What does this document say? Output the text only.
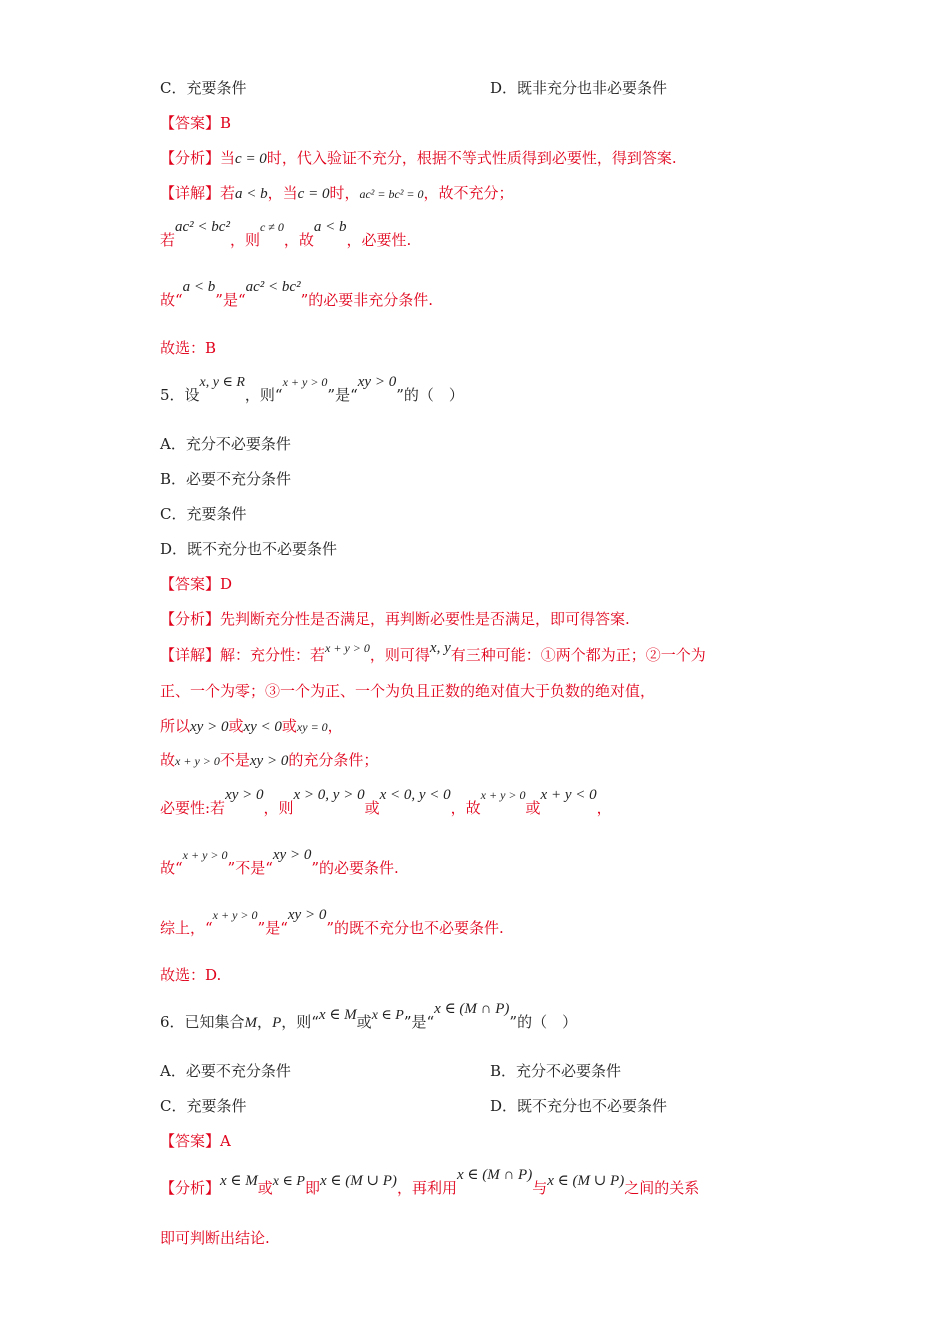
C．充要条件	D．既非充分也非必要条件
【答案】B
【分析】当c = 0时，代入验证不充分，根据不等式性质得到必要性，得到答案.
【详解】若a < b，当c = 0时，ac² = bc² = 0，故不充分；
若ac² < bc²，则$^{c \ne 0}$，故a < b，必要性.
故“a < b”是“ac² < bc²”的必要非充分条件.
故选：B
5．设x, y ∈ R，则“$^{x + y > 0}$”是“xy > 0”的（　）
A．充分不必要条件
B．必要不充分条件
C．充要条件
D．既不充分也不必要条件
【答案】D
【分析】先判断充分性是否满足，再判断必要性是否满足，即可得答案.
【详解】解：充分性：若$^{x + y > 0}$，则可得x, y有三种可能：①两个都为正；②一个为
正、一个为零；③一个为正、一个为负且正数的绝对值大于负数的绝对值，
所以xy > 0或xy < 0或xy = 0，
故x + y > 0不是xy > 0的充分条件；
必要性:若xy > 0，则x > 0, y > 0或x < 0, y < 0，故$^{x + y > 0}$或x + y < 0，
故“$^{x + y > 0}$”不是“xy > 0”的必要条件.
综上，“$^{x + y > 0}$”是“xy > 0”的既不充分也不必要条件.
故选：D.
6．已知集合M，P，则“x ∈ M或x ∈ P”是“x ∈ (M ∩ P)”的（　）
A．必要不充分条件	B．充分不必要条件
C．充要条件	D．既不充分也不必要条件
【答案】A
【分析】x ∈ M或x ∈ P即x ∈ (M ∪ P)，再利用x ∈ (M ∩ P)与x ∈ (M ∪ P)之间的关系
即可判断出结论.
